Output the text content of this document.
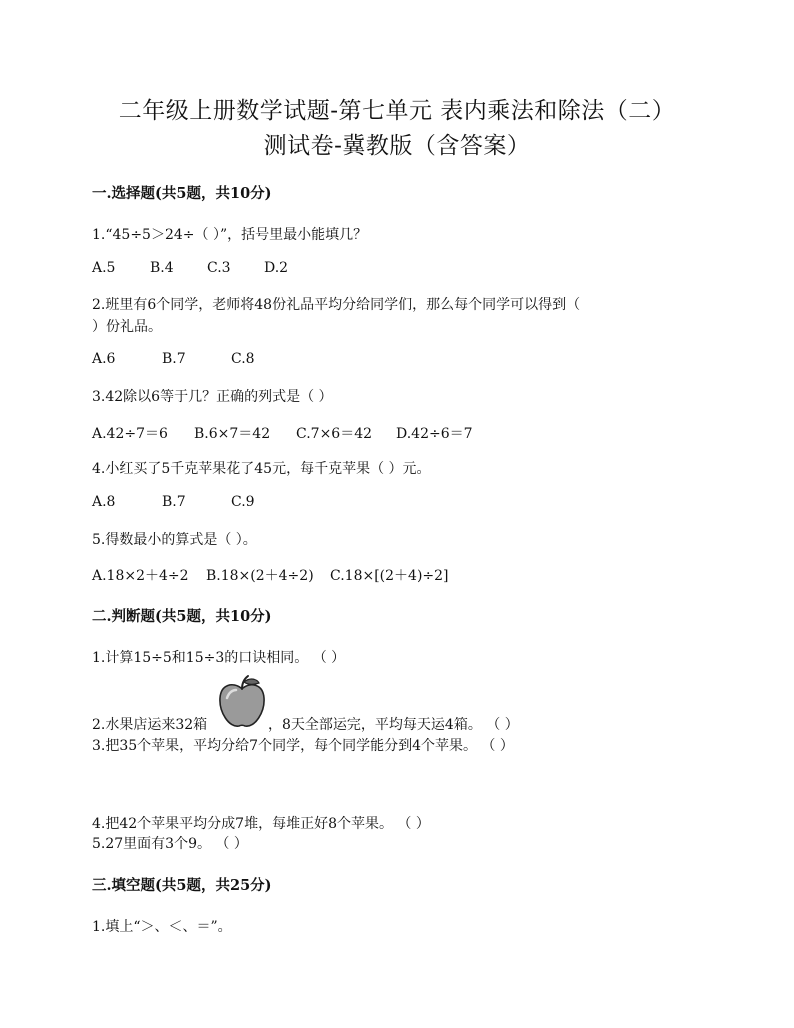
二年级上册数学试题-第七单元 表内乘法和除法（二）
测试卷-冀教版（含答案）
一.选择题(共5题，共10分)
1.“45÷5＞24÷（ ）”，括号里最小能填几？
A.5 B.4 C.3 D.2
2.班里有6个同学，老师将48份礼品平均分给同学们，那么每个同学可以得到（
）份礼品。
A.6	B.7	C.8
3.42除以6等于几？正确的列式是（ ）
A.42÷7＝6 B.6×7＝42 C.7×6＝42 D.42÷6＝7
4.小红买了5千克苹果花了45元，每千克苹果（ ）元。
A.8	B.7	C.9
5.得数最小的算式是（ ）。
A.18×2＋4÷2 B.18×(2＋4÷2) C.18×[(2＋4)÷2]
二.判断题(共5题，共10分)
1.计算15÷5和15÷3的口诀相同。 （ ）
2.水果店运来32箱	，8天全部运完，平均每天运4箱。 （ ）
3.把35个苹果，平均分给7个同学，每个同学能分到4个苹果。 （ ）
4.把42个苹果平均分成7堆，每堆正好8个苹果。 （ ）
5.27里面有3个9。 （ ）
三.填空题(共5题，共25分)
1.填上“＞、＜、＝”。
